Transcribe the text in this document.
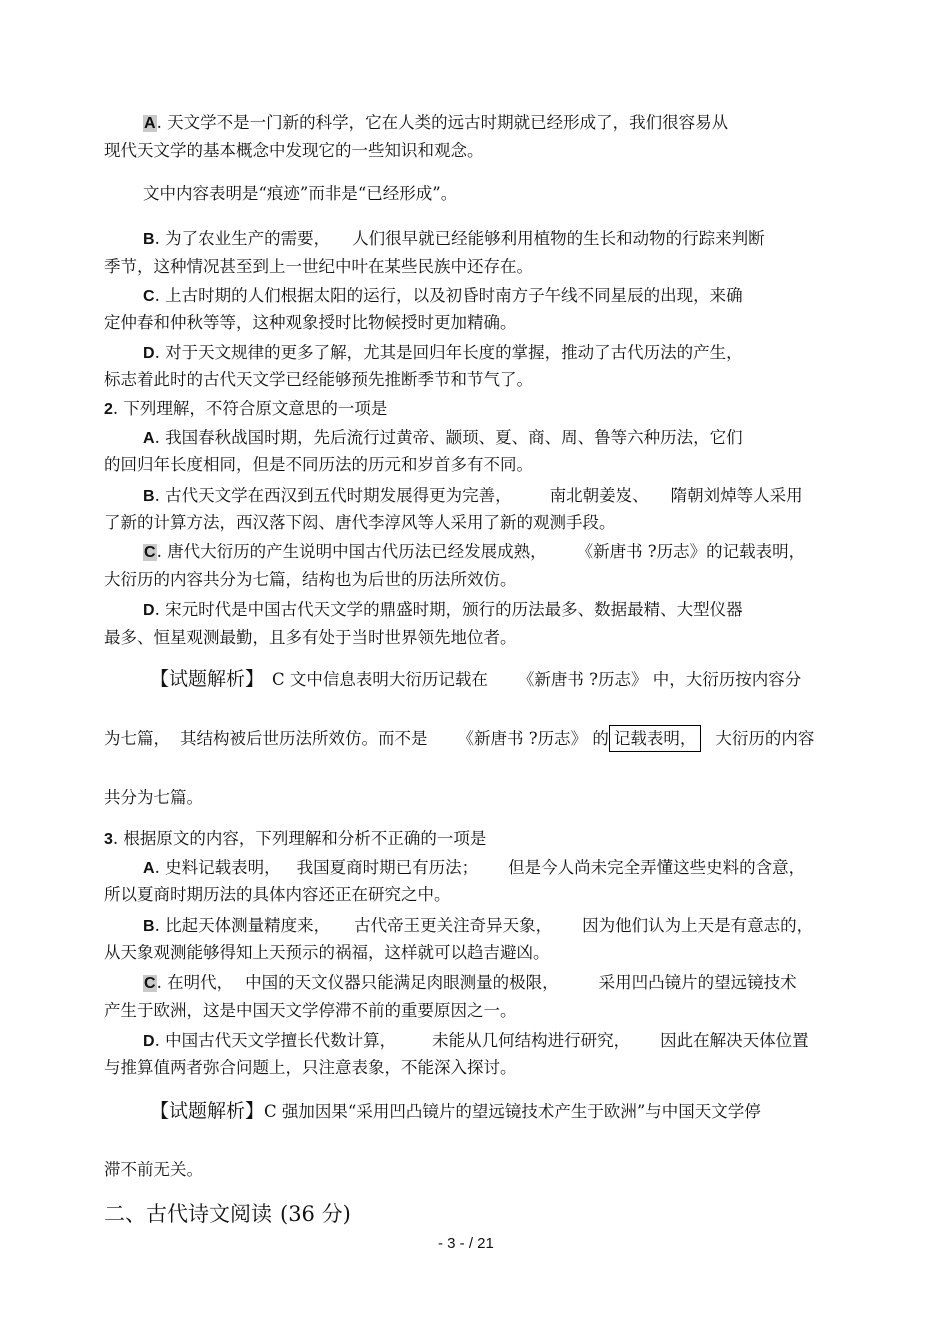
A. 天文学不是一门新的科学，它在人类的远古时期就已经形成了，我们很容易从
现代天文学的基本概念中发现它的一些知识和观念。
文中内容表明是“痕迹”而非是“已经形成”。
B. 为了农业生产的需要， 人们很早就已经能够利用植物的生长和动物的行踪来判断
季节，这种情况甚至到上一世纪中叶在某些民族中还存在。
C. 上古时期的人们根据太阳的运行，以及初昏时南方子午线不同星辰的出现，来确
定仲春和仲秋等等，这种观象授时比物候授时更加精确。
D. 对于天文规律的更多了解，尤其是回归年长度的掌握，推动了古代历法的产生，
标志着此时的古代天文学已经能够预先推断季节和节气了。
2. 下列理解，不符合原文意思的一项是
A. 我国春秋战国时期，先后流行过黄帝、颛顼、夏、商、周、鲁等六种历法，它们
的回归年长度相同，但是不同历法的历元和岁首多有不同。
B. 古代天文学在西汉到五代时期发展得更为完善， 南北朝姜岌、 隋朝刘焯等人采用
了新的计算方法，西汉落下闳、唐代李淳风等人采用了新的观测手段。
C. 唐代大衍历的产生说明中国古代历法已经发展成熟， 《新唐书 ?历志》的记载表明，
大衍历的内容共分为七篇，结构也为后世的历法所效仿。
D. 宋元时代是中国古代天文学的鼎盛时期，颁行的历法最多、数据最精、大型仪器
最多、恒星观测最勤，且多有处于当时世界领先地位者。
【试题解析】 C 文中信息表明大衍历记载在 《新唐书 ?历志》 中，大衍历按内容分
为七篇， 其结构被后世历法所效仿。而不是 《新唐书 ?历志》 的 记载表明， 大衍历的内容
共分为七篇。
3. 根据原文的内容，下列理解和分析不正确的一项是
A. 史料记载表明， 我国夏商时期已有历法； 但是今人尚未完全弄懂这些史料的含意，
所以夏商时期历法的具体内容还正在研究之中。
B. 比起天体测量精度来， 古代帝王更关注奇异天象， 因为他们认为上天是有意志的，
从天象观测能够得知上天预示的祸福，这样就可以趋吉避凶。
C. 在明代， 中国的天文仪器只能满足肉眼测量的极限， 采用凹凸镜片的望远镜技术
产生于欧洲，这是中国天文学停滞不前的重要原因之一。
D. 中国古代天文学擅长代数计算， 未能从几何结构进行研究， 因此在解决天体位置
与推算值两者弥合问题上，只注意表象，不能深入探讨。
【试题解析】C 强加因果“采用凹凸镜片的望远镜技术产生于欧洲”与中国天文学停
滞不前无关。
二、古代诗文阅读 (36 分)
- 3 - / 21
